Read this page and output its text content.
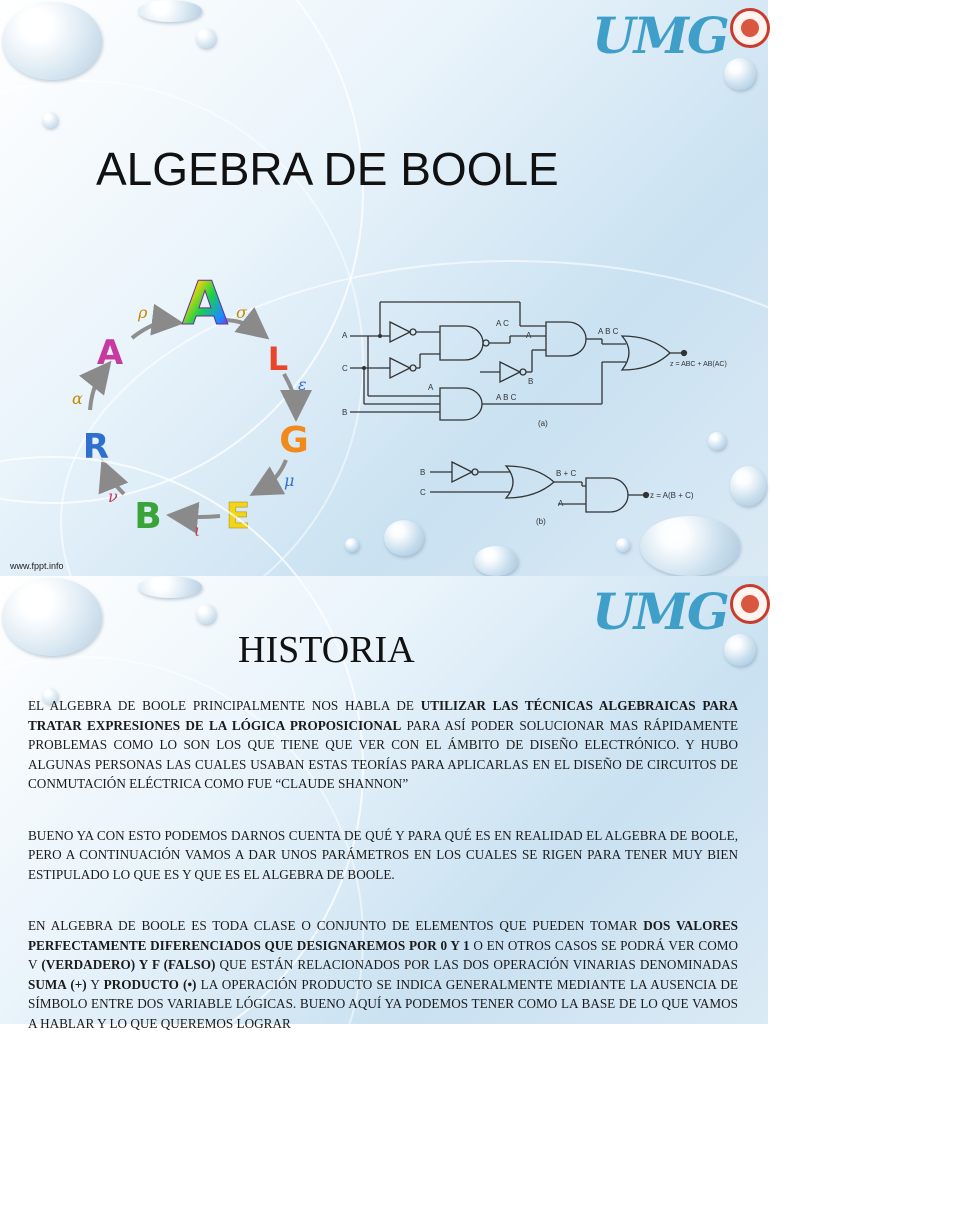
UMG
ALGEBRA DE BOOLE
A
L
G
E
B
R
A
ρ	σ
ε
μ
ι
ν
α
A
C
B
A C
A B C
A
B
A
A B C
z = ABC + AB(AC)
(a)
B
C
A
B + C
z = A(B + C)
(b)
www.fppt.info
UMG
HISTORIA

EL ALGEBRA DE BOOLE PRINCIPALMENTE NOS HABLA DE UTILIZAR LAS TÉCNICAS ALGEBRAICAS PARA TRATAR EXPRESIONES DE LA LÓGICA PROPOSICIONAL PARA ASÍ PODER SOLUCIONAR MAS RÁPIDAMENTE PROBLEMAS COMO LO SON LOS QUE TIENE QUE VER CON EL ÁMBITO DE DISEÑO ELECTRÓNICO. Y HUBO ALGUNAS PERSONAS LAS CUALES USABAN ESTAS TEORÍAS PARA APLICARLAS EN EL DISEÑO DE CIRCUITOS DE CONMUTACIÓN ELÉCTRICA COMO FUE “CLAUDE SHANNON”

BUENO YA CON ESTO PODEMOS DARNOS CUENTA DE QUÉ Y PARA QUÉ ES EN REALIDAD EL ALGEBRA DE BOOLE, PERO A CONTINUACIÓN VAMOS A DAR UNOS PARÁMETROS EN LOS CUALES SE RIGEN PARA TENER MUY BIEN ESTIPULADO LO QUE ES Y QUE ES EL ALGEBRA DE BOOLE.

EN ALGEBRA DE BOOLE ES TODA CLASE O CONJUNTO DE ELEMENTOS QUE PUEDEN TOMAR DOS VALORES PERFECTAMENTE DIFERENCIADOS QUE DESIGNAREMOS POR 0 Y 1 O EN OTROS CASOS SE PODRÁ VER COMO V (VERDADERO) Y F (FALSO) QUE ESTÁN RELACIONADOS POR LAS DOS OPERACIÓN VINARIAS DENOMINADAS SUMA (+) Y PRODUCTO (•) LA OPERACIÓN PRODUCTO SE INDICA GENERALMENTE MEDIANTE LA AUSENCIA DE SÍMBOLO ENTRE DOS VARIABLE LÓGICAS. BUENO AQUÍ YA PODEMOS TENER COMO LA BASE DE LO QUE VAMOS A HABLAR Y LO QUE QUEREMOS LOGRAR
